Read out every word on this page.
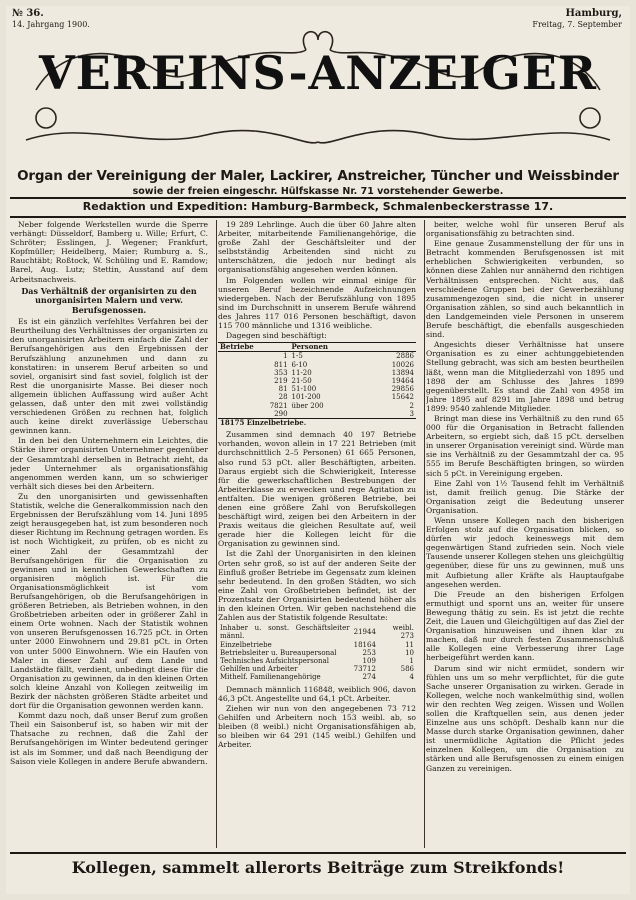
№ 36.
14. Jahrgang 1900.
Hamburg,
Freitag, 7. September
VEREINS-ANZEIGER
Organ der Vereinigung der Maler, Lackirer, Anstreicher, Tüncher und Weissbinder
sowie der freien eingeschr. Hülfskasse Nr. 71 vorstehender Gewerbe.
Redaktion und Expedition: Hamburg-Barmbeck, Schmalenbeckerstrasse 17.

Neber folgende Werkstellen wurde die Sperre verhängt: Düsseldorf, Bamberg u. Wille; Erfurt, C. Schröter; Esslingen, J. Wegener; Frankfurt, Kopfmüller; Heidelberg, Maier; Rumburg a. S., Rauchtäbt; Roßtock, W. Schüling und E. Ramdow; Barel, Aug. Lutz; Stettin, Ausstand auf dem Arbeitsnachweis.

Das Verhältniß der organisirten zu den unorganisirten Malern und verw. Berufsgenossen.

Es ist ein gänzlich verfehltes Verfahren bei der Beurtheilung des Verhältnisses der organisirten zu den unorganisirten Arbeitern einfach die Zahl der Berufsangehörigen aus den Ergebnissen der Berufszählung anzunehmen und dann zu konstatiren: in unserem Beruf arbeiten so und soviel, organisirt sind fast soviel, folglich ist der Rest die unorganisirte Masse. Bei dieser noch allgemein üblichen Auffassung wird außer Acht gelassen, daß unter den mit zwei vollständig verschiedenen Größen zu rechnen hat, folglich auch keine direkt zuverlässige Ueberschau gewinnen kann.

In den bei den Unternehmern ein Leichtes, die Stärke ihrer organisirten Unternehmer gegenüber der Gesammtzahl derselben in Betracht zieht, da jeder Unternehmer als organisationsfähig angenommen werden kann, um so schwieriger verhält sich dieses bei den Arbeitern.

Zu den unorganisirten und gewissenhaften Statistik, welche die Generalkommission nach den Ergebnissen der Berufszählung vom 14. Juni 1895 zeigt herausgegeben hat, ist zum besonderen noch dieser Richtung im Rechnung getragen worden. Es ist noch Wichtigkeit, zu prüfen, ob es nicht zu einer Zahl der Gesammtzahl der Berufsangehörigen für die Organisation zu gewinnen und in kenntlichen Gewerkschaften zu organisiren möglich ist. Für die Organisationsmöglichkeit ist vom Berufsangehörigen, ob die Berufsangehörigen in größeren Betrieben, als Betrieben wohnen, in den Großbetrieben arbeiten oder in größerer Zahl in einem Orte wohnen. Nach der Statistik wohnen von unseren Berufsgenossen 16.725 pCt. in Orten unter 2000 Einwohnern und 29.81 pCt. in Orten von unter 5000 Einwohnern. Wie ein Haufen von Maler in dieser Zahl auf dem Lande und Landstädte fällt, verdient, unbedingt diese für die Organisation zu gewinnen, da in den kleinen Orten solch kleine Anzahl von Kollegen zeitweilig im Bezirk der nächsten größeren Städte arbeitet und dort für die Organisation gewonnen werden kann.

Kommt dazu noch, daß unser Beruf zum großen Theil ein Saisonberuf ist, so haben wir mit der Thatsache zu rechnen, daß die Zahl der Berufsangehörigen im Winter bedeutend geringer ist als im Sommer, und daß nach Beendigung der Saison viele Kollegen in andere Berufe abwandern.

19 289 Lehrlinge. Auch die über 60 Jahre alten Arbeiter, mitarbeitende Familienangehörige, die große Zahl der Geschäftsleiter und der selbstständig Arbeitenden sind nicht zu unterschätzen, die jedoch nur bedingt als organisationsfähig angesehen werden können.

Im Folgenden wollen wir einmal einige für unseren Beruf bezeichnende Aufzeichnungen wiedergeben. Nach der Berufszählung von 1895 sind im Durchschnitt in unserem Berufe während des Jahres 117 016 Personen beschäftigt, davon 115 700 männliche und 1316 weibliche.

Dagegen sind beschäftigt:

Betriebe	Personen	
1	1-5	2886
811	6-10	10026
353	11-20	13894
219	21-50	19464
81	51-100	29856
28	101-200	15642
7821	über 200	2
290		3
18175 Einzelbetriebe.		

Zusammen sind demnach 40 197 Betriebe vorhanden, wovon allein in 17 221 Betrieben (mit durchschnittlich 2–5 Personen) 61 665 Personen, also rund 53 pCt. aller Beschäftigten, arbeiten. Daraus ergiebt sich die Schwierigkeit, Interesse für die gewerkschaftlichen Bestrebungen der Arbeiterklasse zu erwecken und rege Agitation zu entfalten. Die wenigen größeren Betriebe, bei denen eine größere Zahl von Berufskollegen beschäftigt wird, zeigen bei den Arbeitern in der Praxis weitaus die gleichen Resultate auf, weil gerade hier die Kollegen leicht für die Organisation zu gewinnen sind.

Ist die Zahl der Unorganisirten in den kleinen Orten sehr groß, so ist auf der anderen Seite der Einfluß großer Betriebe im Gegensatz zum kleinen sehr bedeutend. In den großen Städten, wo sich eine Zahl von Großbetrieben befindet, ist der Prozentsatz der Organisirten bedeutend höher als in den kleinen Orten. Wir geben nachstehend die Zahlen aus der Statistik folgende Resultate:

Inhaber u. sonst. Geschäftsleiter männl.	21944	weibl. 273
Einzelbetriebe	18164	11
Betriebsleiter u. Bureaupersonal	253	10
Technisches Aufsichtspersonal	109	1
Gehilfen und Arbeiter	73712	586
Mithelf. Familienangehörige	274	4

Demnach männlich 116848, weiblich 906, davon 46,3 pCt. Angestellte und 64,1 pCt. Arbeiter.

Ziehen wir nun von den angegebenen 73 712 Gehilfen und Arbeitern noch 153 weibl. ab, so bleiben (8 weibl.) nicht Organisationsfähigen ab, so bleiben wir 64 291 (145 weibl.) Gehilfen und Arbeiter.

beiter, welche wohl für unseren Beruf als organisationsfähig zu betrachten sind.

Eine genaue Zusammenstellung der für uns in Betracht kommenden Berufsgenossen ist mit erheblichen Schwierigkeiten verbunden, so können diese Zahlen nur annähernd den richtigen Verhältnissen entsprechen. Nicht aus, daß verschiedene Gruppen bei der Gewerbezählung zusammengezogen sind, die nicht in unserer Organisation zählen, so sind auch bekanntlich in den Landgemeinden viele Personen in unserem Berufe beschäftigt, die ebenfalls ausgeschieden sind.

Angesichts dieser Verhältnisse hat unsere Organisation es zu einer achtunggebietenden Stellung gebracht, was sich am besten beurtheilen läßt, wenn man die Mitgliederzahl von 1895 und 1898 der am Schlusse des Jahres 1899 gegenüberstellt. Es stand die Zahl von 4958 im Jahre 1895 auf 8291 im Jahre 1898 und betrug 1899: 9540 zahlende Mitglieder.

Bringt man diese ins Verhältniß zu den rund 65 000 für die Organisation in Betracht fallenden Arbeitern, so ergiebt sich, daß 15 pCt. derselben in unserer Organisation vereinigt sind. Würde man sie ins Verhältniß zu der Gesammtzahl der ca. 95 555 im Berufe Beschäftigten bringen, so würden sich 5 pCt. in Vereinigung ergeben.

Eine Zahl von 1½ Tausend fehlt im Verhältniß ist, damit freilich genug. Die Stärke der Organisation zeigt die Bedeutung unserer Organisation.

Wenn unsere Kollegen nach den bisherigen Erfolgen stolz auf die Organisation blicken, so dürfen wir jedoch keineswegs mit dem gegenwärtigen Stand zufrieden sein. Noch viele Tausende unserer Kollegen stehen uns gleichgültig gegenüber, diese für uns zu gewinnen, muß uns mit Aufbietung aller Kräfte als Hauptaufgabe angesehen werden.

Die Freude an den bisherigen Erfolgen ermuthigt und spornt uns an, weiter für unsere Bewegung thätig zu sein. Es ist jetzt die rechte Zeit, die Lauen und Gleichgültigen auf das Ziel der Organisation hinzuweisen und ihnen klar zu machen, daß nur durch festen Zusammenschluß alle Kollegen eine Verbesserung ihrer Lage herbeigeführt werden kann.

Darum sind wir nicht ermüdet, sondern wir fühlen uns um so mehr verpflichtet, für die gute Sache unserer Organisation zu wirken. Gerade in Kollegen, welche noch wankelmüthig sind, wollen wir den rechten Weg zeigen. Wissen und Wollen sollen die Kraftquellen sein, aus denen jeder Einzelne aus uns schöpft. Deshalb kann nur die Masse durch starke Organisation gewinnen, daher ist unermüdliche Agitation die Pflicht jedes einzelnen Kollegen, um die Organisation zu stärken und alle Berufsgenossen zu einem einigen Ganzen zu vereinigen.

Kollegen, sammelt allerorts Beiträge zum Streikfonds!
